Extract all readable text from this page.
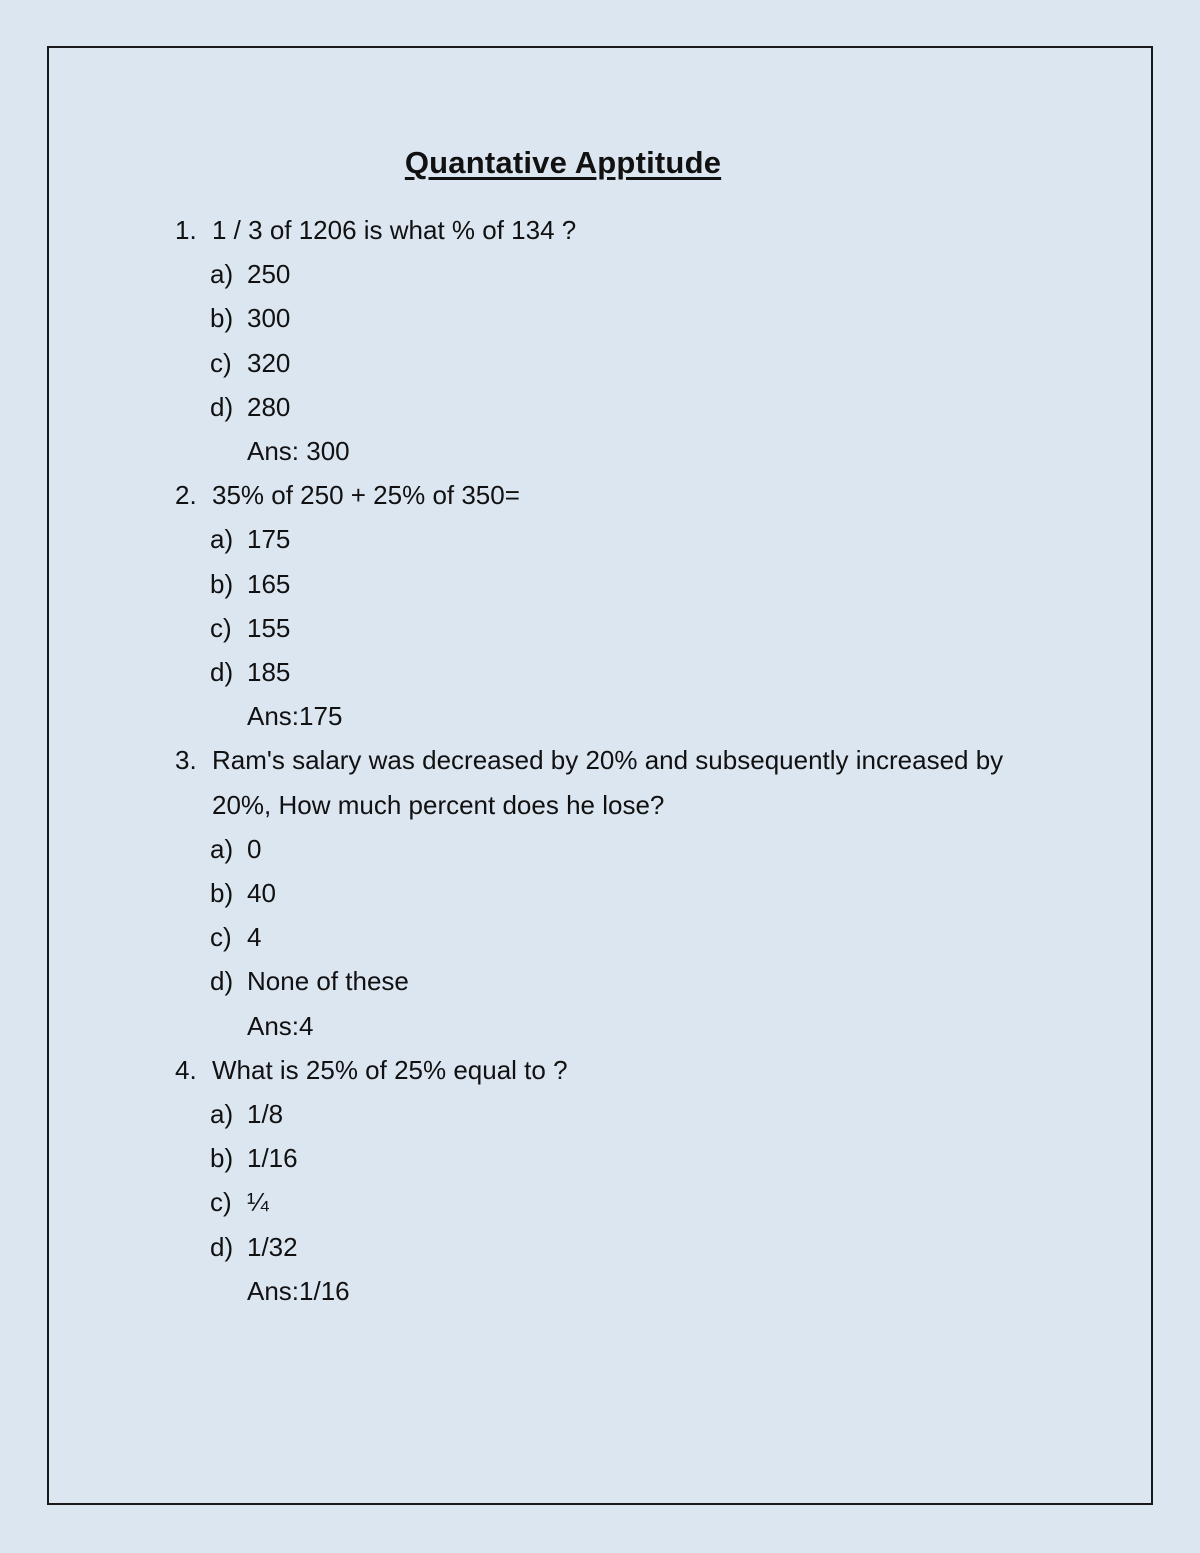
Quantative Apptitude
1. 1 / 3 of 1206 is what % of 134 ?
a) 250
b) 300
c) 320
d) 280
Ans: 300
2. 35% of 250 + 25% of 350=
a) 175
b) 165
c) 155
d) 185
Ans:175
3. Ram's salary was decreased by 20% and subsequently increased by 20%, How much percent does he lose?
a) 0
b) 40
c) 4
d) None of these
Ans:4
4. What is 25% of 25% equal to ?
a) 1/8
b) 1/16
c) ¼
d) 1/32
Ans:1/16
